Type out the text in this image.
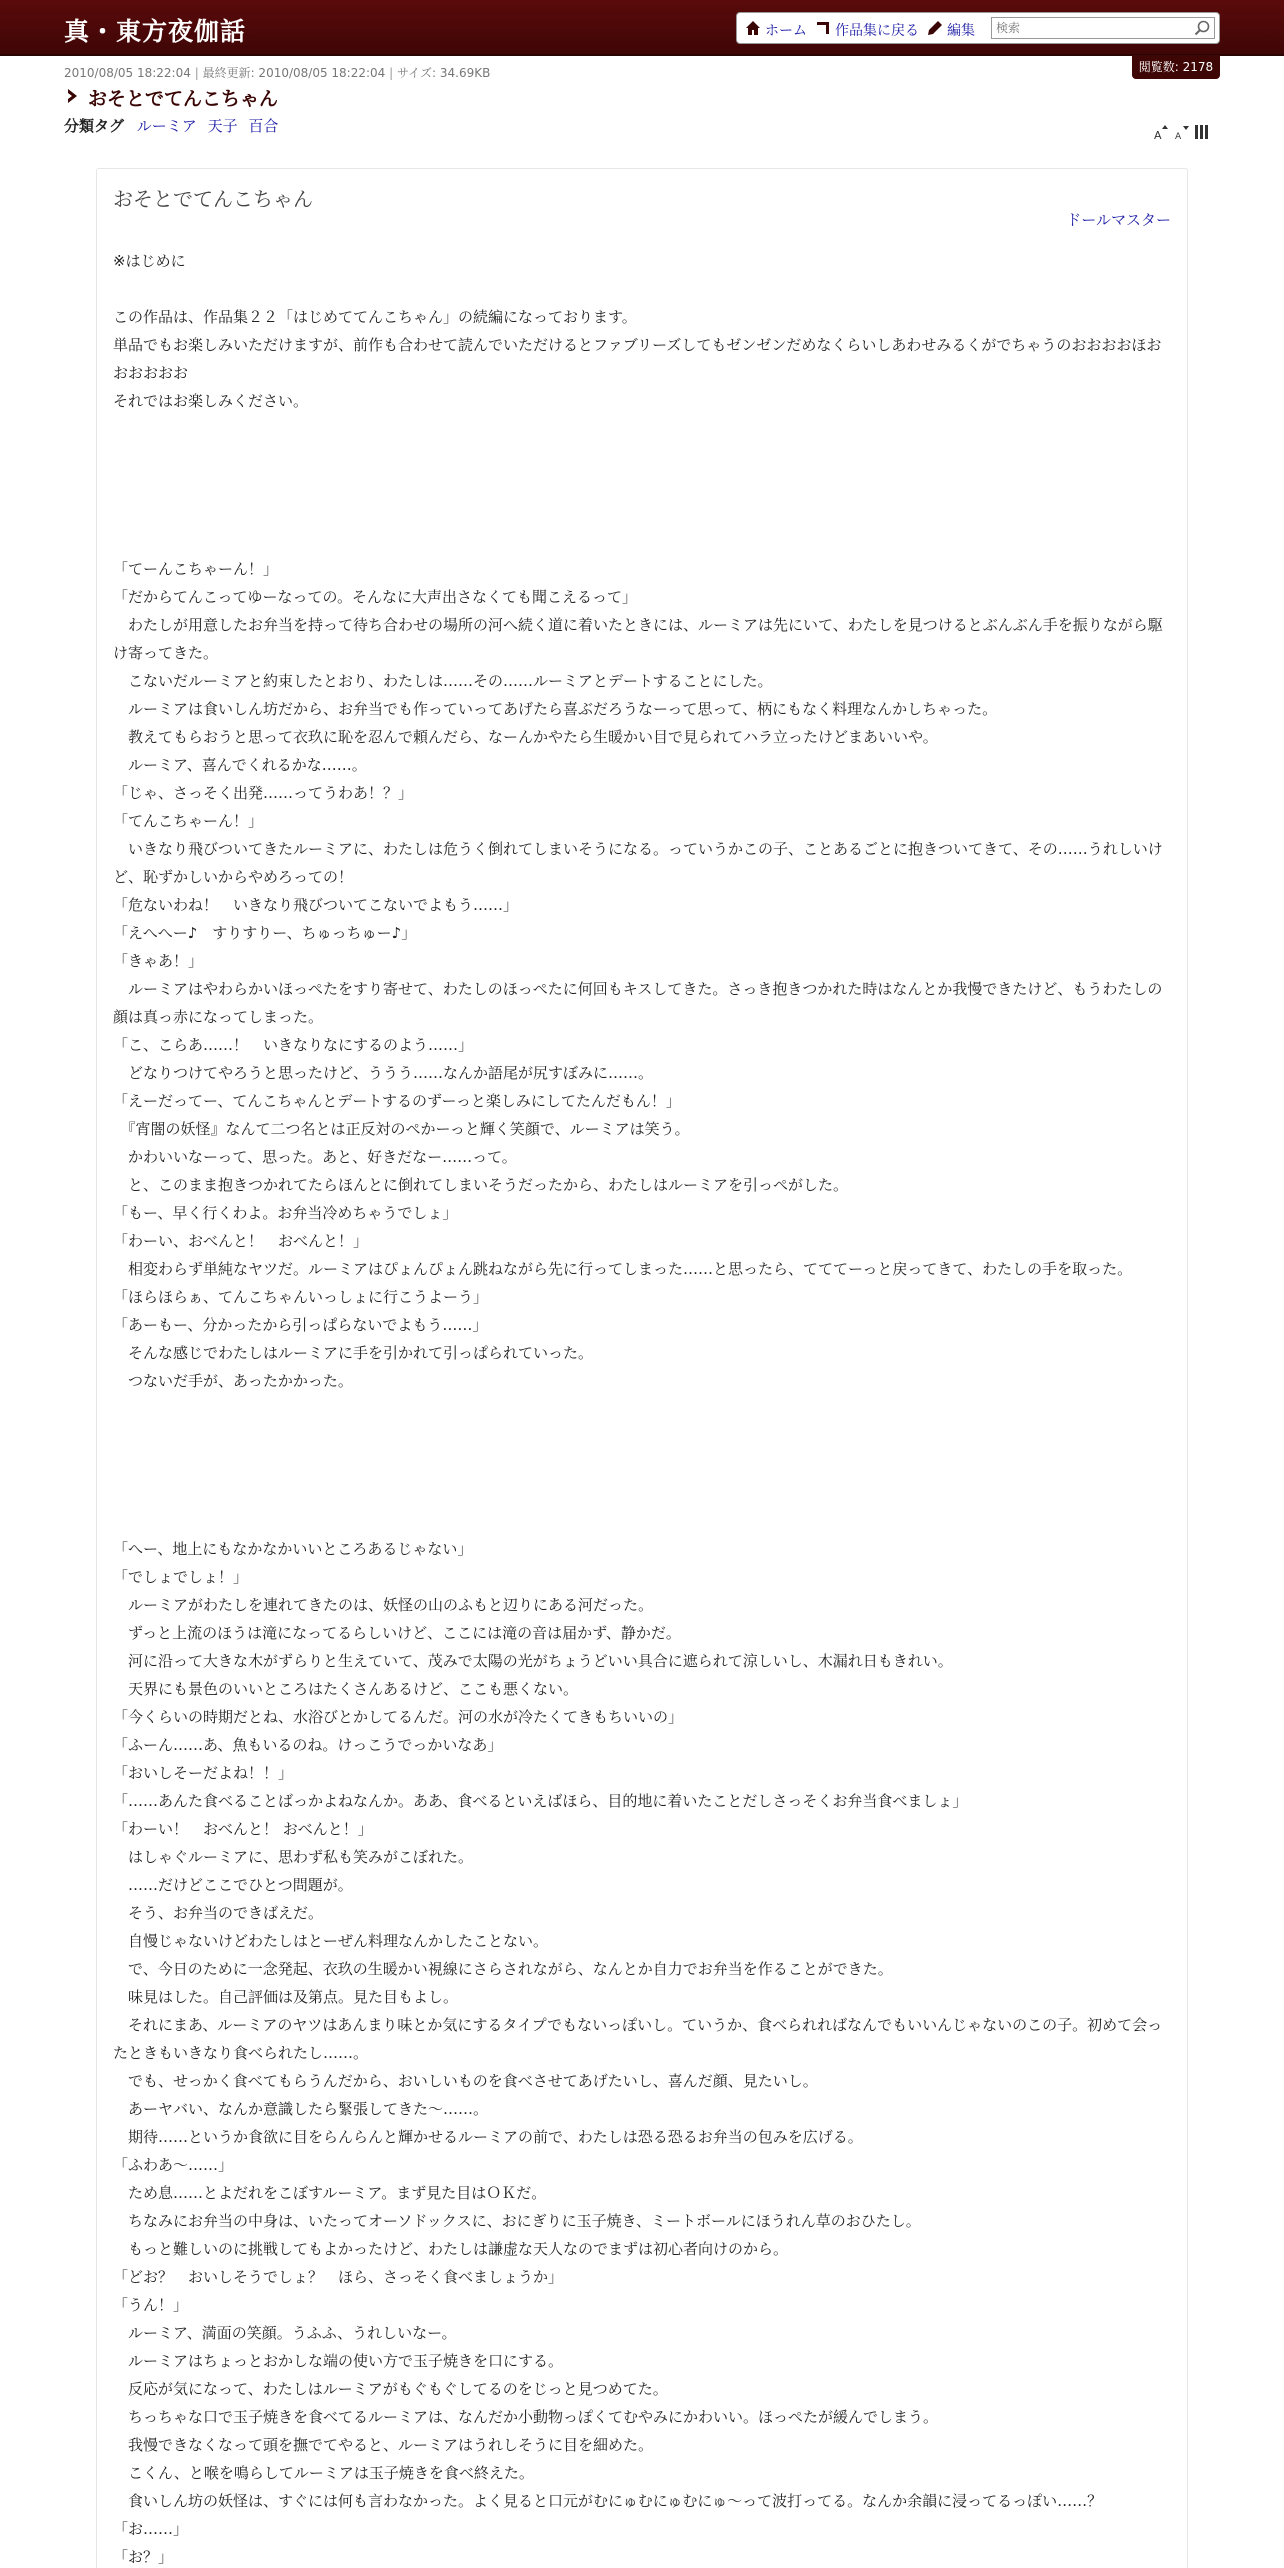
真・東方夜伽話	ホーム 作品集に戻る 編集
検索
閲覧数: 2178
2010/08/05 18:22:04 | 最終更新: 2010/08/05 18:22:04 | サイズ: 34.69KB
おそとでてんこちゃん
分類タグ ルーミア 天子 百合
A A
おそとでてんこちゃん
ドールマスター

※はじめに

この作品は、作品集２２「はじめててんこちゃん」の続編になっております。

単品でもお楽しみいただけますが、前作も合わせて読んでいただけるとファブリーズしてもゼンゼンだめなくらいしあわせみるくがでちゃうのおおおおほおおおおおお

それではお楽しみください。

「てーんこちゃーん！」

「だからてんこってゆーなっての。そんなに大声出さなくても聞こえるって」

　わたしが用意したお弁当を持って待ち合わせの場所の河へ続く道に着いたときには、ルーミアは先にいて、わたしを見つけるとぶんぶん手を振りながら駆け寄ってきた。

　こないだルーミアと約束したとおり、わたしは……その……ルーミアとデートすることにした。

　ルーミアは食いしん坊だから、お弁当でも作っていってあげたら喜ぶだろうなーって思って、柄にもなく料理なんかしちゃった。

　教えてもらおうと思って衣玖に恥を忍んで頼んだら、なーんかやたら生暖かい目で見られてハラ立ったけどまあいいや。

　ルーミア、喜んでくれるかな……。

「じゃ、さっそく出発……ってうわあ！？」

「てんこちゃーん！」

　いきなり飛びついてきたルーミアに、わたしは危うく倒れてしまいそうになる。っていうかこの子、ことあるごとに抱きついてきて、その……うれしいけど、恥ずかしいからやめろっての！

「危ないわね！　いきなり飛びついてこないでよもう……」

「えへへー♪　すりすりー、ちゅっちゅー♪」

「きゃあ！」

　ルーミアはやわらかいほっぺたをすり寄せて、わたしのほっぺたに何回もキスしてきた。さっき抱きつかれた時はなんとか我慢できたけど、もうわたしの顔は真っ赤になってしまった。

「こ、こらあ……！　いきなりなにするのよう……」

　どなりつけてやろうと思ったけど、ううう……なんか語尾が尻すぼみに……。

「えーだってー、てんこちゃんとデートするのずーっと楽しみにしてたんだもん！」

　『宵闇の妖怪』なんて二つ名とは正反対のぺかーっと輝く笑顔で、ルーミアは笑う。

　かわいいなーって、思った。あと、好きだなー……って。

　と、このまま抱きつかれてたらほんとに倒れてしまいそうだったから、わたしはルーミアを引っぺがした。

「もー、早く行くわよ。お弁当冷めちゃうでしょ」

「わーい、おべんと！　おべんと！」

　相変わらず単純なヤツだ。ルーミアはぴょんぴょん跳ねながら先に行ってしまった……と思ったら、てててーっと戻ってきて、わたしの手を取った。

「ほらほらぁ、てんこちゃんいっしょに行こうよーう」

「あーもー、分かったから引っぱらないでよもう……」

　そんな感じでわたしはルーミアに手を引かれて引っぱられていった。

　つないだ手が、あったかかった。

「へー、地上にもなかなかいいところあるじゃない」

「でしょでしょ！」

　ルーミアがわたしを連れてきたのは、妖怪の山のふもと辺りにある河だった。

　ずっと上流のほうは滝になってるらしいけど、ここには滝の音は届かず、静かだ。

　河に沿って大きな木がずらりと生えていて、茂みで太陽の光がちょうどいい具合に遮られて涼しいし、木漏れ日もきれい。

　天界にも景色のいいところはたくさんあるけど、ここも悪くない。

「今くらいの時期だとね、水浴びとかしてるんだ。河の水が冷たくてきもちいいの」

「ふーん……あ、魚もいるのね。けっこうでっかいなあ」

「おいしそーだよね！！」

「……あんた食べることばっかよねなんか。ああ、食べるといえばほら、目的地に着いたことだしさっそくお弁当食べましょ」

「わーい！　おべんと！ おべんと！」

　はしゃぐルーミアに、思わず私も笑みがこぼれた。

　……だけどここでひとつ問題が。

　そう、お弁当のできばえだ。

　自慢じゃないけどわたしはとーぜん料理なんかしたことない。

　で、今日のために一念発起、衣玖の生暖かい視線にさらされながら、なんとか自力でお弁当を作ることができた。

　味見はした。自己評価は及第点。見た目もよし。

　それにまあ、ルーミアのヤツはあんまり味とか気にするタイプでもないっぽいし。ていうか、食べられればなんでもいいんじゃないのこの子。初めて会ったときもいきなり食べられたし……。

　でも、せっかく食べてもらうんだから、おいしいものを食べさせてあげたいし、喜んだ顔、見たいし。

　あーヤバい、なんか意識したら緊張してきた～……。

　期待……というか食欲に目をらんらんと輝かせるルーミアの前で、わたしは恐る恐るお弁当の包みを広げる。

「ふわあ～……」

　ため息……とよだれをこぼすルーミア。まず見た目はＯＫだ。

　ちなみにお弁当の中身は、いたってオーソドックスに、おにぎりに玉子焼き、ミートボールにほうれん草のおひたし。

　もっと難しいのに挑戦してもよかったけど、わたしは謙虚な天人なのでまずは初心者向けのから。

「どお？　おいしそうでしょ？　ほら、さっそく食べましょうか」

「うん！」

　ルーミア、満面の笑顔。うふふ、うれしいなー。

　ルーミアはちょっとおかしな端の使い方で玉子焼きを口にする。

　反応が気になって、わたしはルーミアがもぐもぐしてるのをじっと見つめてた。

　ちっちゃな口で玉子焼きを食べてるルーミアは、なんだか小動物っぽくてむやみにかわいい。ほっぺたが緩んでしまう。

　我慢できなくなって頭を撫でてやると、ルーミアはうれしそうに目を細めた。

　こくん、と喉を鳴らしてルーミアは玉子焼きを食べ終えた。

　食いしん坊の妖怪は、すぐには何も言わなかった。よく見ると口元がむにゅむにゅむにゅ～って波打ってる。なんか余韻に浸ってるっぽい……？

「お……」

「お？」
